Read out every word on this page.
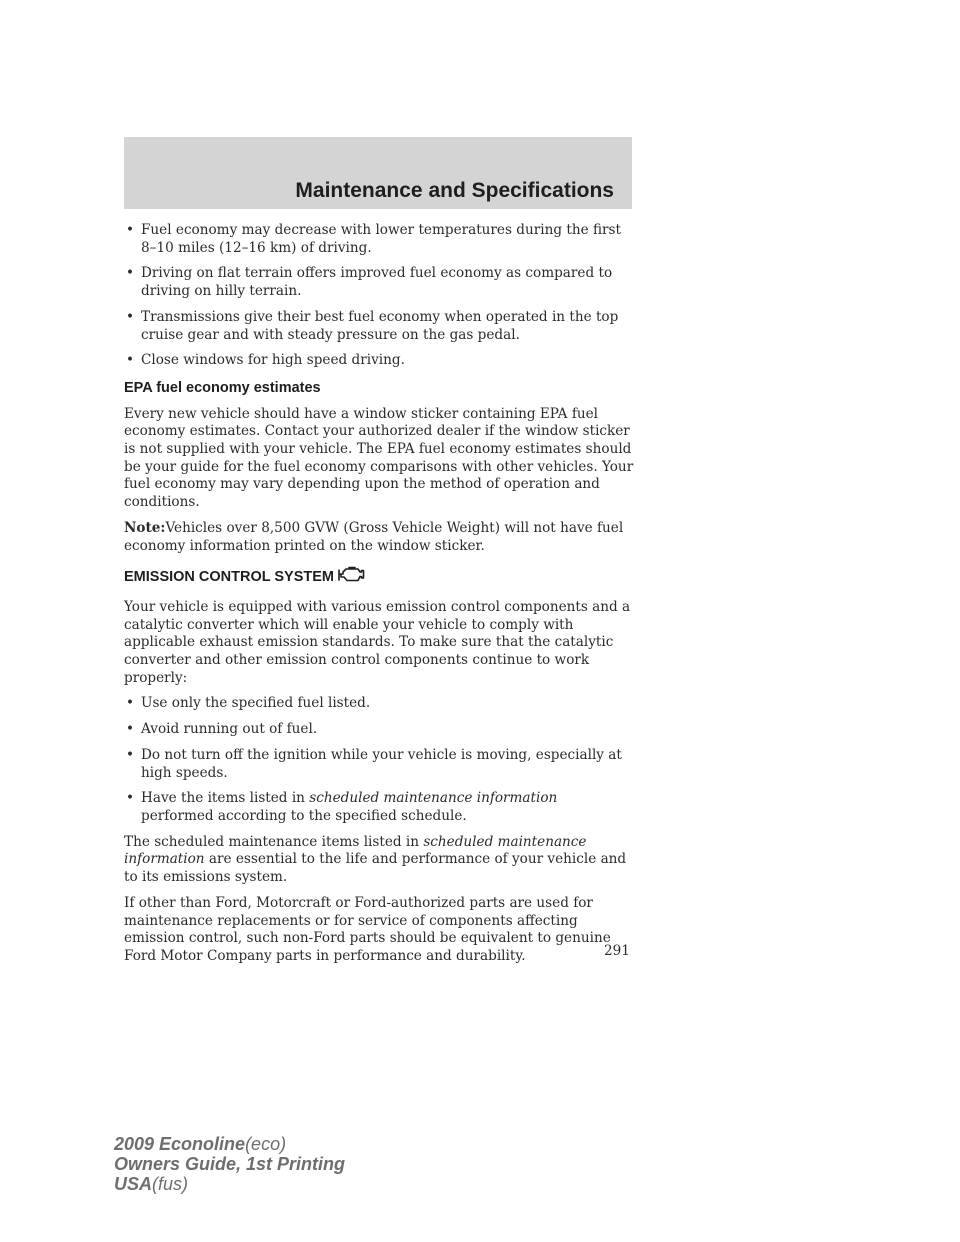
Maintenance and Specifications
• Fuel economy may decrease with lower temperatures during the first 8–10 miles (12–16 km) of driving.
• Driving on flat terrain offers improved fuel economy as compared to driving on hilly terrain.
• Transmissions give their best fuel economy when operated in the top cruise gear and with steady pressure on the gas pedal.
• Close windows for high speed driving.
EPA fuel economy estimates

Every new vehicle should have a window sticker containing EPA fuel economy estimates. Contact your authorized dealer if the window sticker is not supplied with your vehicle. The EPA fuel economy estimates should be your guide for the fuel economy comparisons with other vehicles. Your fuel economy may vary depending upon the method of operation and conditions.

Note:Vehicles over 8,500 GVW (Gross Vehicle Weight) will not have fuel economy information printed on the window sticker.

EMISSION CONTROL SYSTEM

Your vehicle is equipped with various emission control components and a catalytic converter which will enable your vehicle to comply with applicable exhaust emission standards. To make sure that the catalytic converter and other emission control components continue to work properly:

• Use only the specified fuel listed.
• Avoid running out of fuel.
• Do not turn off the ignition while your vehicle is moving, especially at high speeds.
• Have the items listed in scheduled maintenance information performed according to the specified schedule.

The scheduled maintenance items listed in scheduled maintenance information are essential to the life and performance of your vehicle and to its emissions system.

If other than Ford, Motorcraft or Ford-authorized parts are used for maintenance replacements or for service of components affecting emission control, such non-Ford parts should be equivalent to genuine Ford Motor Company parts in performance and durability.	291

2009 Econoline(eco)
Owners Guide, 1st Printing
USA(fus)
